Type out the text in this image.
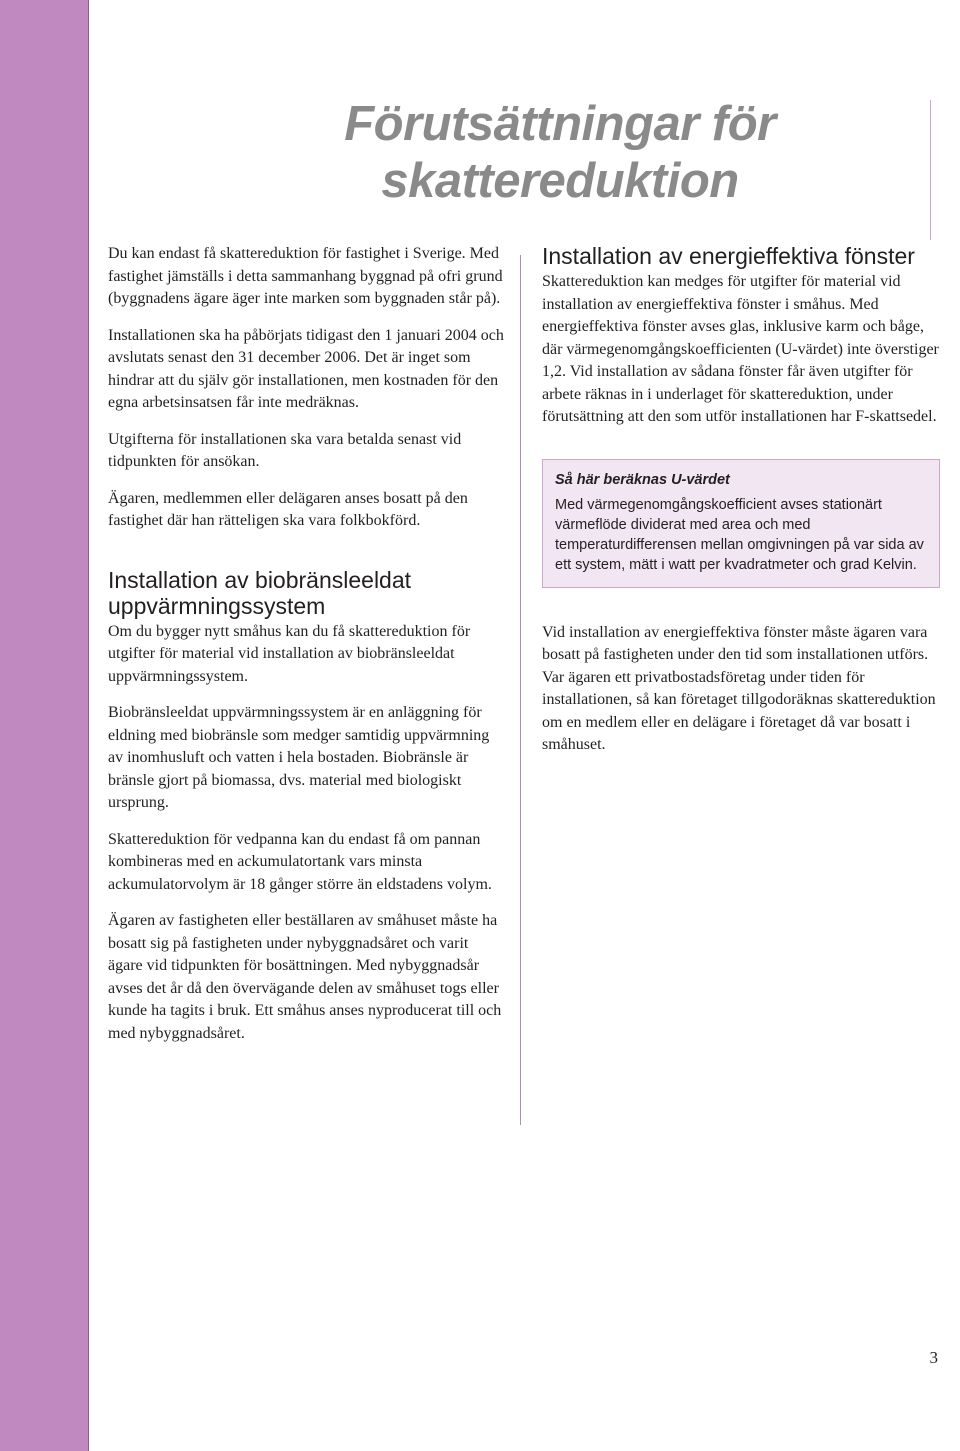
Förutsättningar för skattereduktion

Du kan endast få skattereduktion för fastighet i Sverige. Med fastighet jämställs i detta sammanhang byggnad på ofri grund (byggnadens ägare äger inte marken som byggnaden står på).

Installationen ska ha påbörjats tidigast den 1 januari 2004 och avslutats senast den 31 december 2006. Det är inget som hindrar att du själv gör installationen, men kostnaden för den egna arbetsinsatsen får inte medräknas.

Utgifterna för installationen ska vara betalda senast vid tidpunkten för ansökan.

Ägaren, medlemmen eller delägaren anses bosatt på den fastighet där han rätteligen ska vara folkbokförd.

Installation av biobränsleeldat uppvärmningssystem

Om du bygger nytt småhus kan du få skattereduktion för utgifter för material vid installation av biobränsleeldat uppvärmningssystem.

Biobränsleeldat uppvärmningssystem är en anläggning för eldning med biobränsle som medger samtidig uppvärmning av inomhusluft och vatten i hela bostaden. Biobränsle är bränsle gjort på biomassa, dvs. material med biologiskt ursprung.

Skattereduktion för vedpanna kan du endast få om pannan kombineras med en ackumulatortank vars minsta ackumulatorvolym är 18 gånger större än eldstadens volym.

Ägaren av fastigheten eller beställaren av småhuset måste ha bosatt sig på fastigheten under nybyggnadsåret och varit ägare vid tidpunkten för bosättningen. Med nybyggnadsår avses det år då den övervägande delen av småhuset togs eller kunde ha tagits i bruk. Ett småhus anses nyproducerat till och med nybyggnadsåret.

Installation av energieffektiva fönster

Skattereduktion kan medges för utgifter för material vid installation av energieffektiva fönster i småhus. Med energieffektiva fönster avses glas, inklusive karm och båge, där värmegenomgångskoefficienten (U-värdet) inte överstiger 1,2. Vid installation av sådana fönster får även utgifter för arbete räknas in i underlaget för skattereduktion, under förutsättning att den som utför installationen har F-skattsedel.

Så här beräknas U-värdet
Med värmegenomgångskoefficient avses stationärt värmeflöde dividerat med area och med temperaturdifferensen mellan omgivningen på var sida av ett system, mätt i watt per kvadratmeter och grad Kelvin.

Vid installation av energieffektiva fönster måste ägaren vara bosatt på fastigheten under den tid som installationen utförs. Var ägaren ett privatbostadsföretag under tiden för installationen, så kan företaget tillgodoräknas skattereduktion om en medlem eller en delägare i företaget då var bosatt i småhuset.

3
